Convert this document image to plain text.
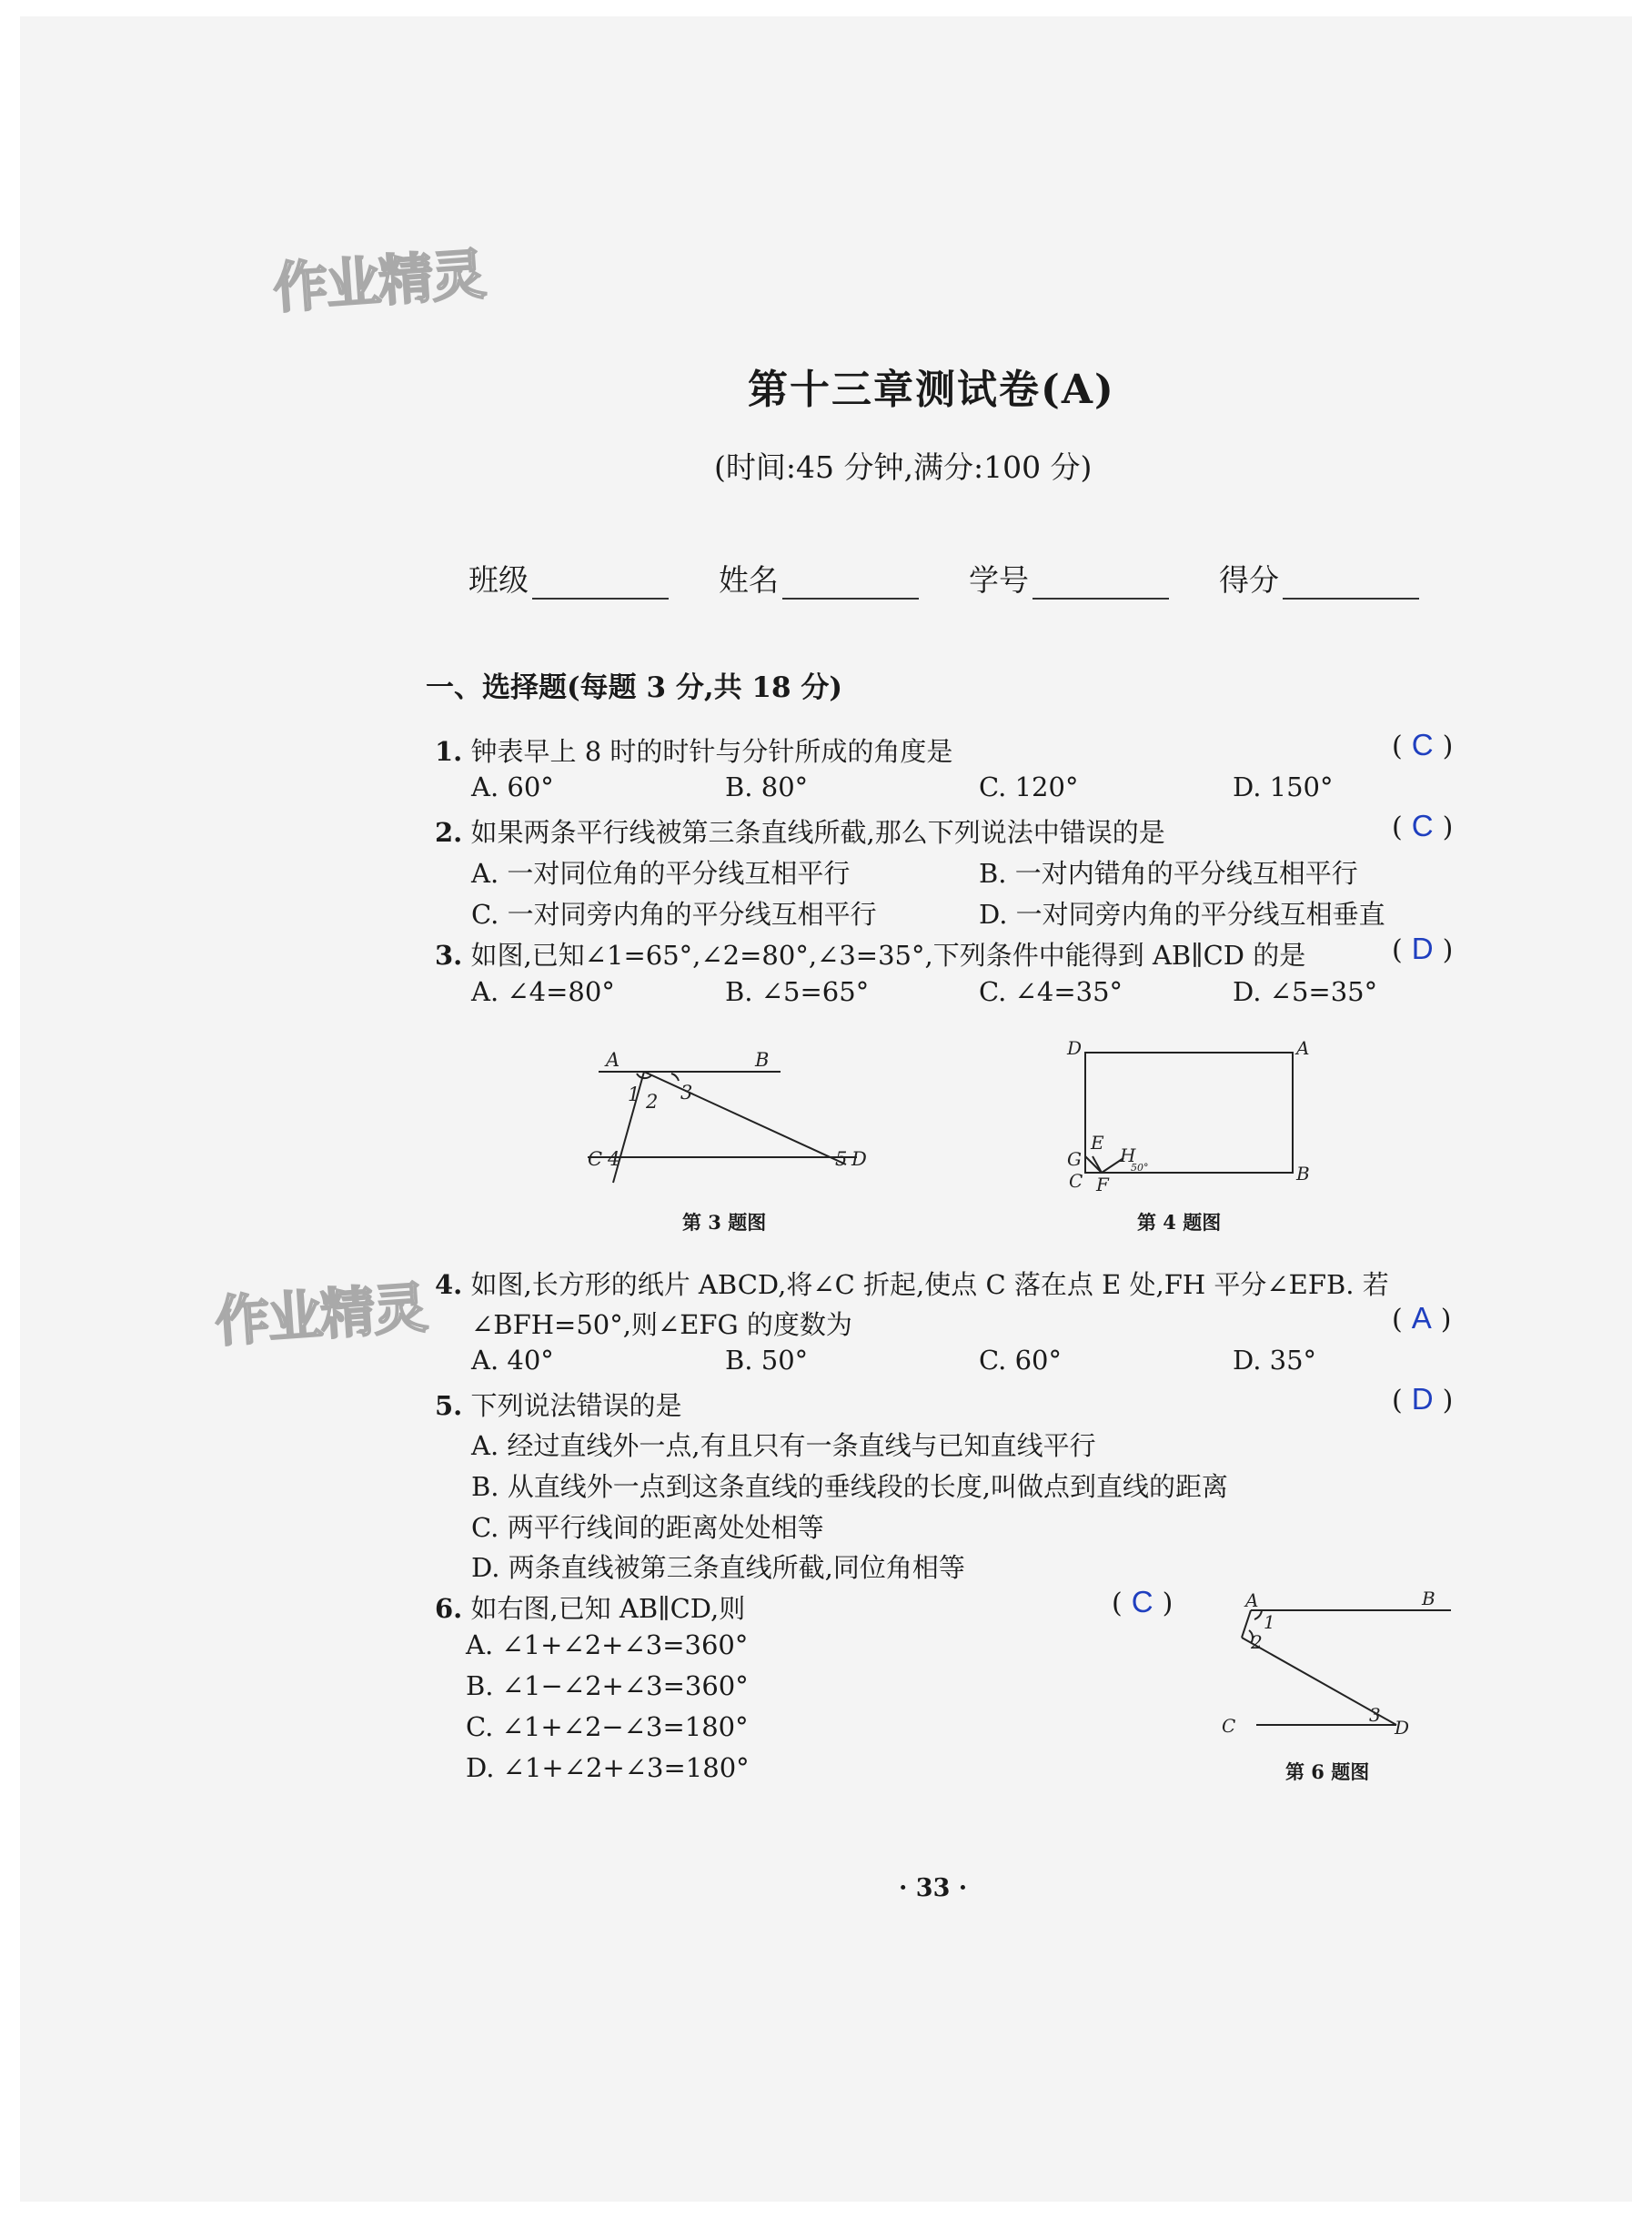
作业精灵
作业精灵
第十三章测试卷(A)
(时间:45 分钟,满分:100 分)
班级	姓名	学号	得分
一、选择题(每题 3 分,共 18 分)
1. 钟表早上 8 时的时针与分针所成的角度是	( C )
A. 60°	B. 80°	C. 120°	D. 150°
2. 如果两条平行线被第三条直线所截,那么下列说法中错误的是	( C )
A. 一对同位角的平分线互相平行	B. 一对内错角的平分线互相平行
C. 一对同旁内角的平分线互相平行	D. 一对同旁内角的平分线互相垂直
3. 如图,已知∠1=65°,∠2=80°,∠3=35°,下列条件中能得到 AB∥CD 的是	( D )
A. ∠4=80°	B. ∠5=65°	C. ∠4=35°	D. ∠5=35°
A	B
C	D
1 2 3
4	5
第 3 题图
D	A
B
C
E
G H
F
50°
第 4 题图
4. 如图,长方形的纸片 ABCD,将∠C 折起,使点 C 落在点 E 处,FH 平分∠EFB. 若
∠BFH=50°,则∠EFG 的度数为	( A )
A. 40°	B. 50°	C. 60°	D. 35°
5. 下列说法错误的是	( D )
A. 经过直线外一点,有且只有一条直线与已知直线平行
B. 从直线外一点到这条直线的垂线段的长度,叫做点到直线的距离
C. 两平行线间的距离处处相等
D. 两条直线被第三条直线所截,同位角相等
6. 如右图,已知 AB∥CD,则	( C )
A. ∠1+∠2+∠3=360°
B. ∠1−∠2+∠3=360°
C. ∠1+∠2−∠3=180°
D. ∠1+∠2+∠3=180°
A	B
C	D
1
2
3
第 6 题图
· 33 ·
